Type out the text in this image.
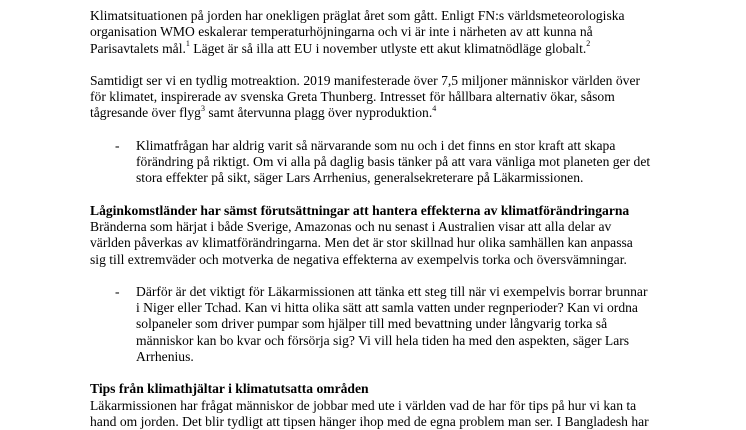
Klimatsituationen på jorden har onekligen präglat året som gått. Enligt FN:s världsmeteorologiska
organisation WMO eskalerar temperaturhöjningarna och vi är inte i närheten av att kunna nå
Parisavtalets mål.$^1$ Läget är så illa att EU i november utlyste ett akut klimatnödläge globalt.$^2$

Samtidigt ser vi en tydlig motreaktion. 2019 manifesterade över 7,5 miljoner människor världen över
för klimatet, inspirerade av svenska Greta Thunberg. Intresset för hållbara alternativ ökar, såsom
tågresande över flyg$^3$ samt återvunna plagg över nyproduktion.$^4$

- Klimatfrågan har aldrig varit så närvarande som nu och i det finns en stor kraft att skapa
förändring på riktigt. Om vi alla på daglig basis tänker på att vara vänliga mot planeten ger det
stora effekter på sikt, säger Lars Arrhenius, generalsekreterare på Läkarmissionen.
Låginkomstländer har sämst förutsättningar att hantera effekterna av klimatförändringarna
Bränderna som härjat i både Sverige, Amazonas och nu senast i Australien visar att alla delar av
världen påverkas av klimatförändringarna. Men det är stor skillnad hur olika samhällen kan anpassa
sig till extremväder och motverka de negativa effekterna av exempelvis torka och översvämningar.
- Därför är det viktigt för Läkarmissionen att tänka ett steg till när vi exempelvis borrar brunnar
i Niger eller Tchad. Kan vi hitta olika sätt att samla vatten under regnperioder? Kan vi ordna
solpaneler som driver pumpar som hjälper till med bevattning under långvarig torka så
människor kan bo kvar och försörja sig? Vi vill hela tiden ha med den aspekten, säger Lars
Arrhenius.
Tips från klimathjältar i klimatutsatta områden
Läkarmissionen har frågat människor de jobbar med ute i världen vad de har för tips på hur vi kan ta
hand om jorden. Det blir tydligt att tipsen hänger ihop med de egna problem man ser. I Bangladesh har
